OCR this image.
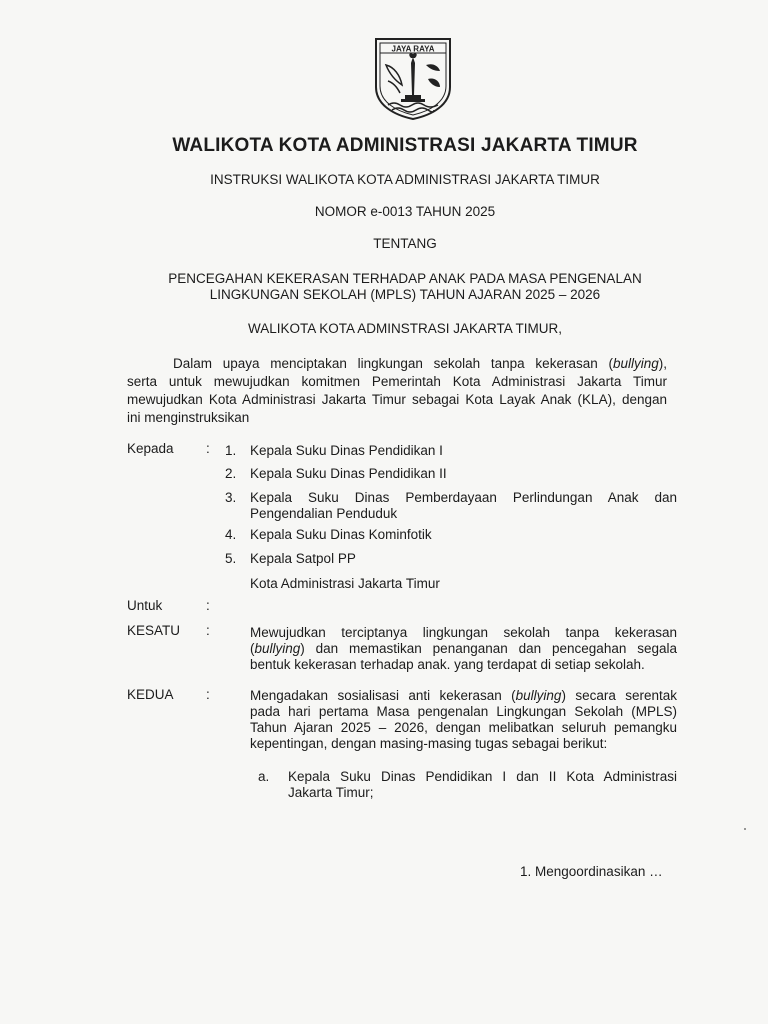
JAYA RAYA
WALIKOTA KOTA ADMINISTRASI JAKARTA TIMUR
INSTRUKSI WALIKOTA KOTA ADMINISTRASI JAKARTA TIMUR
NOMOR e-0013 TAHUN 2025
TENTANG
PENCEGAHAN KEKERASAN TERHADAP ANAK PADA MASA PENGENALAN
LINGKUNGAN SEKOLAH (MPLS) TAHUN AJARAN 2025 – 2026
WALIKOTA KOTA ADMINSTRASI JAKARTA TIMUR,
Dalam upaya menciptakan lingkungan sekolah tanpa kekerasan (bullying),
serta untuk mewujudkan komitmen Pemerintah Kota Administrasi Jakarta Timur
mewujudkan Kota Administrasi Jakarta Timur sebagai Kota Layak Anak (KLA), dengan
ini menginstruksikan
Kepada : 1. Kepala Suku Dinas Pendidikan I
2. Kepala Suku Dinas Pendidikan II
3. Kepala Suku Dinas Pemberdayaan Perlindungan Anak dan
Pengendalian Penduduk
4. Kepala Suku Dinas Kominfotik
5. Kepala Satpol PP
Kota Administrasi Jakarta Timur
Untuk	:
KESATU :	Mewujudkan terciptanya lingkungan sekolah tanpa kekerasan
(bullying) dan memastikan penanganan dan pencegahan segala
bentuk kekerasan terhadap anak. yang terdapat di setiap sekolah.
KEDUA :	Mengadakan sosialisasi anti kekerasan (bullying) secara serentak
pada hari pertama Masa pengenalan Lingkungan Sekolah (MPLS)
Tahun Ajaran 2025 – 2026, dengan melibatkan seluruh pemangku
kepentingan, dengan masing-masing tugas sebagai berikut:
a. Kepala Suku Dinas Pendidikan I dan II Kota Administrasi
Jakarta Timur;
1. Mengoordinasikan …
